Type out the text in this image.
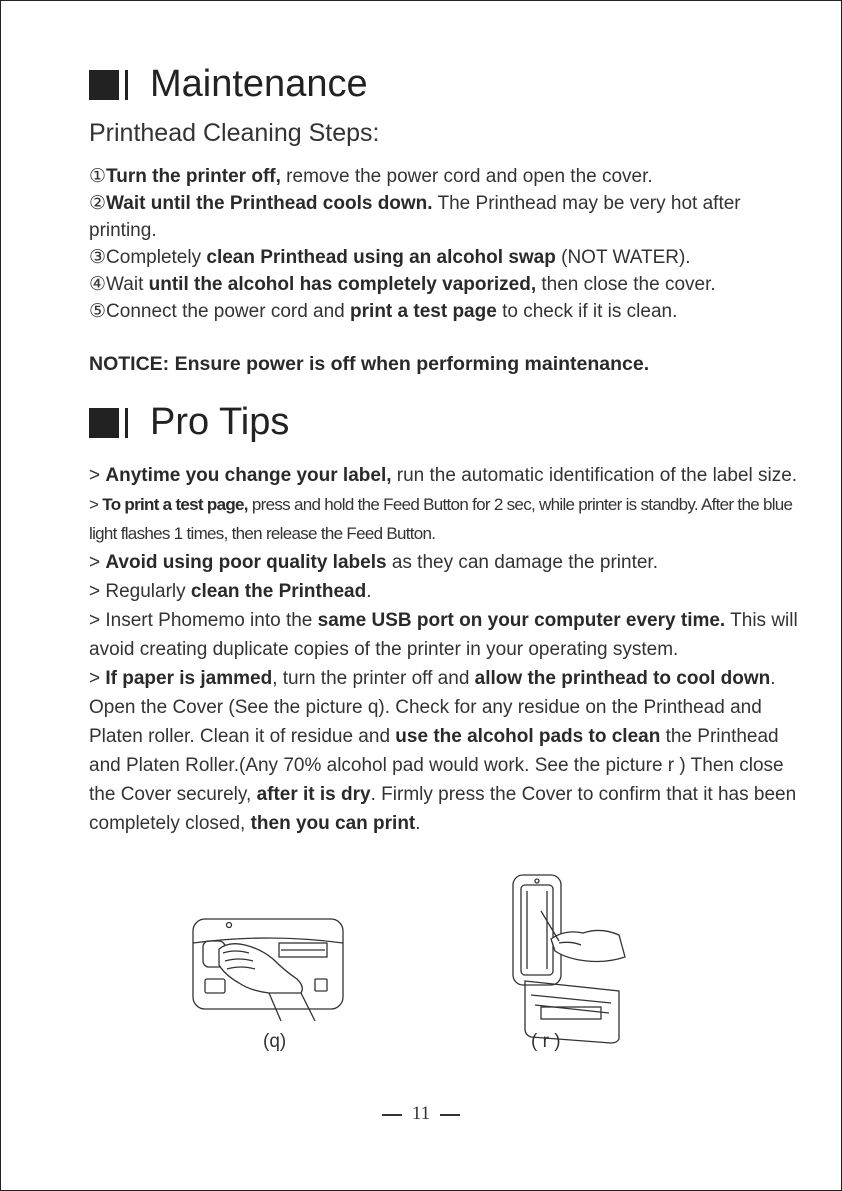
Maintenance
Printhead Cleaning Steps:

①Turn the printer off, remove the power cord and open the cover.

②Wait until the Printhead cools down. The Printhead may be very hot after printing.

③Completely clean Printhead using an alcohol swap (NOT WATER).

④Wait until the alcohol has completely vaporized, then close the cover.

⑤Connect the power cord and print a test page to check if it is clean.

NOTICE: Ensure power is off when performing maintenance.
Pro Tips

> Anytime you change your label, run the automatic identification of the label size.

> To print a test page, press and hold the Feed Button for 2 sec, while printer is standby. After the blue light flashes 1 times, then release the Feed Button.

> Avoid using poor quality labels as they can damage the printer.

> Regularly clean the Printhead.

> Insert Phomemo into the same USB port on your computer every time. This will avoid creating duplicate copies of the printer in your operating system.

> If paper is jammed, turn the printer off and allow the printhead to cool down. Open the Cover (See the picture q). Check for any residue on the Printhead and Platen roller. Clean it of residue and use the alcohol pads to clean the Printhead and Platen Roller.(Any 70% alcohol pad would work. See the picture r ) Then close the Cover securely, after it is dry. Firmly press the Cover to confirm that it has been completely closed, then you can print.

(q)	( r )
11
